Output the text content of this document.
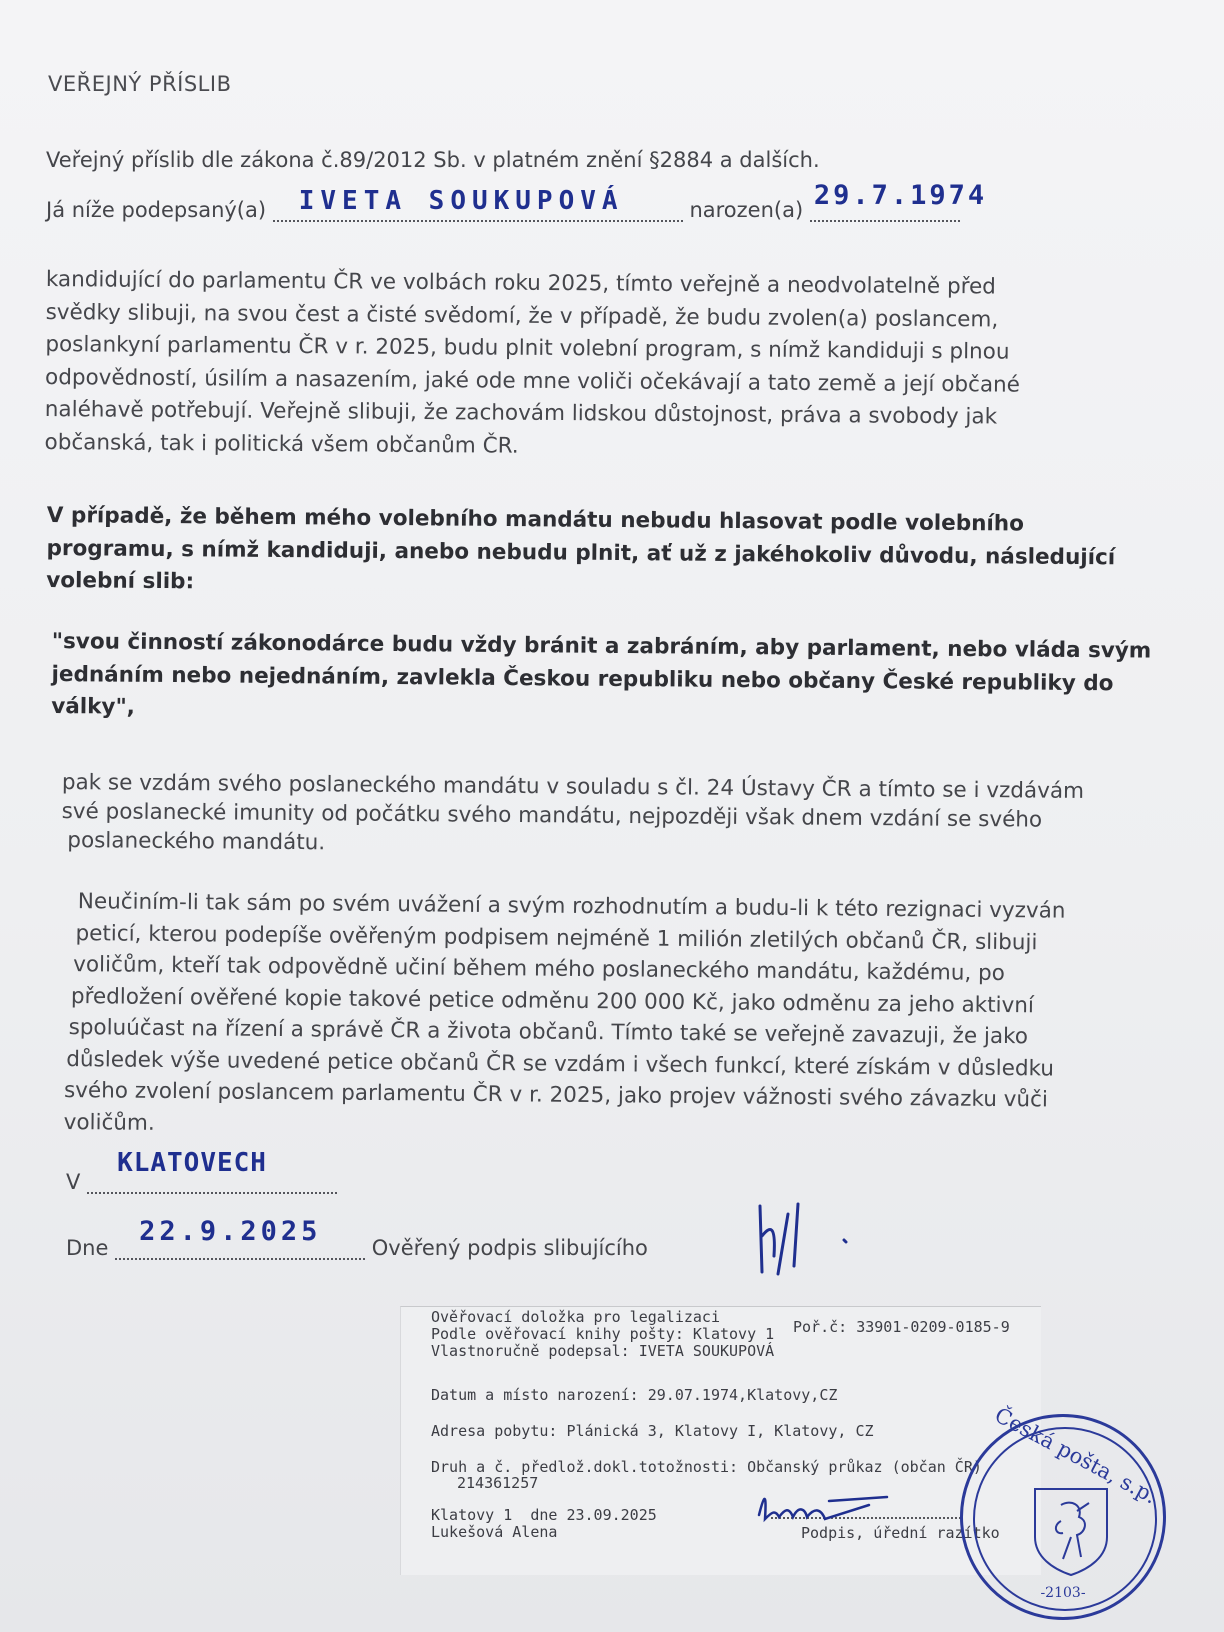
VEŘEJNÝ PŘÍSLIB
Veřejný příslib dle zákona č.89/2012 Sb. v platném znění §2884 a dalších.
Já níže podepsaný(a) IVETA SOUKUPOVÁ	narozen(a) 29.7.1974

kandidující do parlamentu ČR ve volbách roku 2025, tímto veřejně a neodvolatelně před

svědky slibuji, na svou čest a čisté svědomí, že v případě, že budu zvolen(a) poslancem,

poslankyní parlamentu ČR v r. 2025, budu plnit volební program, s nímž kandiduji s plnou

odpovědností, úsilím a nasazením, jaké ode mne voliči očekávají a tato země a její občané

naléhavě potřebují. Veřejně slibuji, že zachovám lidskou důstojnost, práva a svobody jak

občanská, tak i politická všem občanům ČR.

V případě, že během mého volebního mandátu nebudu hlasovat podle volebního

programu, s nímž kandiduji, anebo nebudu plnit, ať už z jakéhokoliv důvodu, následující

volební slib:

"svou činností zákonodárce budu vždy bránit a zabráním, aby parlament, nebo vláda svým

jednáním nebo nejednáním, zavlekla Českou republiku nebo občany České republiky do

války",

pak se vzdám svého poslaneckého mandátu v souladu s čl. 24 Ústavy ČR a tímto se i vzdávám

své poslanecké imunity od počátku svého mandátu, nejpozději však dnem vzdání se svého

poslaneckého mandátu.

Neučiním-li tak sám po svém uvážení a svým rozhodnutím a budu-li k této rezignaci vyzván

peticí, kterou podepíše ověřeným podpisem nejméně 1 milión zletilých občanů ČR, slibuji

voličům, kteří tak odpovědně učiní během mého poslaneckého mandátu, každému, po

předložení ověřené kopie takové petice odměnu 200 000 Kč, jako odměnu za jeho aktivní

spoluúčast na řízení a správě ČR a života občanů. Tímto také se veřejně zavazuji, že jako

důsledek výše uvedené petice občanů ČR se vzdám i všech funkcí, které získám v důsledku

svého zvolení poslancem parlamentu ČR v r. 2025, jako projev vážnosti svého závazku vůči

voličům.

V
KLATOVECH
Dne
22.9.2025
Ověřený podpis slibujícího
Ověřovací doložka pro legalizaci
Poř.č: 33901-0209-0185-9
Podle ověřovací knihy pošty: Klatovy 1
Vlastnoručně podepsal: IVETA SOUKUPOVÁ
Datum a místo narození: 29.07.1974,Klatovy,CZ
Adresa pobytu: Plánická 3, Klatovy I, Klatovy, CZ
Druh a č. předlož.dokl.totožnosti: Občanský průkaz (občan ČR)
214361257
Klatovy 1  dne 23.09.2025
Lukešová Alena	Podpis, úřední razítko
Česká pošta, s.p.
-2103-
